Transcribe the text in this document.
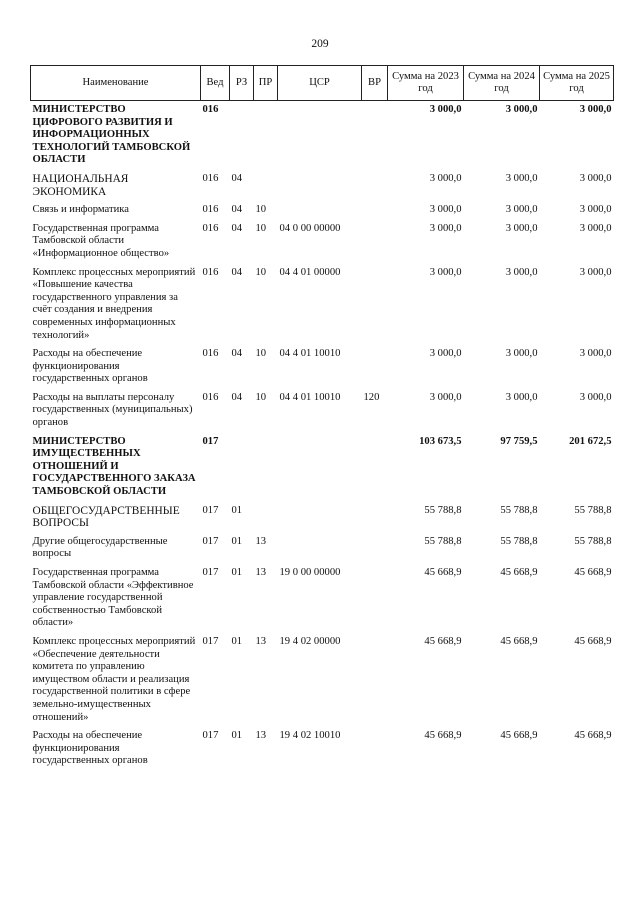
209
Наименование	Вед	РЗ	ПР	ЦСР	ВР	Сумма на 2023 год	Сумма на 2024 год	Сумма на 2025 год
МИНИСТЕРСТВО ЦИФРОВОГО РАЗВИТИЯ И ИНФОРМАЦИОННЫХ ТЕХНОЛОГИЙ ТАМБОВСКОЙ ОБЛАСТИ	016					3 000,0	3 000,0	3 000,0
НАЦИОНАЛЬНАЯ ЭКОНОМИКА	016	04				3 000,0	3 000,0	3 000,0
Связь и информатика	016	04	10			3 000,0	3 000,0	3 000,0
Государственная программа Тамбовской области «Информационное общество»	016	04	10	04 0 00 00000		3 000,0	3 000,0	3 000,0
Комплекс процессных мероприятий «Повышение качества государственного управления за счёт создания и внедрения современных информационных технологий»	016	04	10	04 4 01 00000		3 000,0	3 000,0	3 000,0
Расходы на обеспечение функционирования государственных органов	016	04	10	04 4 01 10010		3 000,0	3 000,0	3 000,0
Расходы на выплаты персоналу государственных (муниципальных) органов	016	04	10	04 4 01 10010	120	3 000,0	3 000,0	3 000,0
МИНИСТЕРСТВО ИМУЩЕСТВЕННЫХ ОТНОШЕНИЙ И ГОСУДАРСТВЕННОГО ЗАКАЗА ТАМБОВСКОЙ ОБЛАСТИ	017					103 673,5	97 759,5	201 672,5
ОБЩЕГОСУДАРСТВЕННЫЕ ВОПРОСЫ	017	01				55 788,8	55 788,8	55 788,8
Другие общегосударственные вопросы	017	01	13			55 788,8	55 788,8	55 788,8
Государственная программа Тамбовской области «Эффективное управление государственной собственностью Тамбовской области»	017	01	13	19 0 00 00000		45 668,9	45 668,9	45 668,9
Комплекс процессных мероприятий «Обеспечение деятельности комитета по управлению имуществом области и реализация государственной политики в сфере земельно-имущественных отношений»	017	01	13	19 4 02 00000		45 668,9	45 668,9	45 668,9
Расходы на обеспечение функционирования государственных органов	017	01	13	19 4 02 10010		45 668,9	45 668,9	45 668,9
